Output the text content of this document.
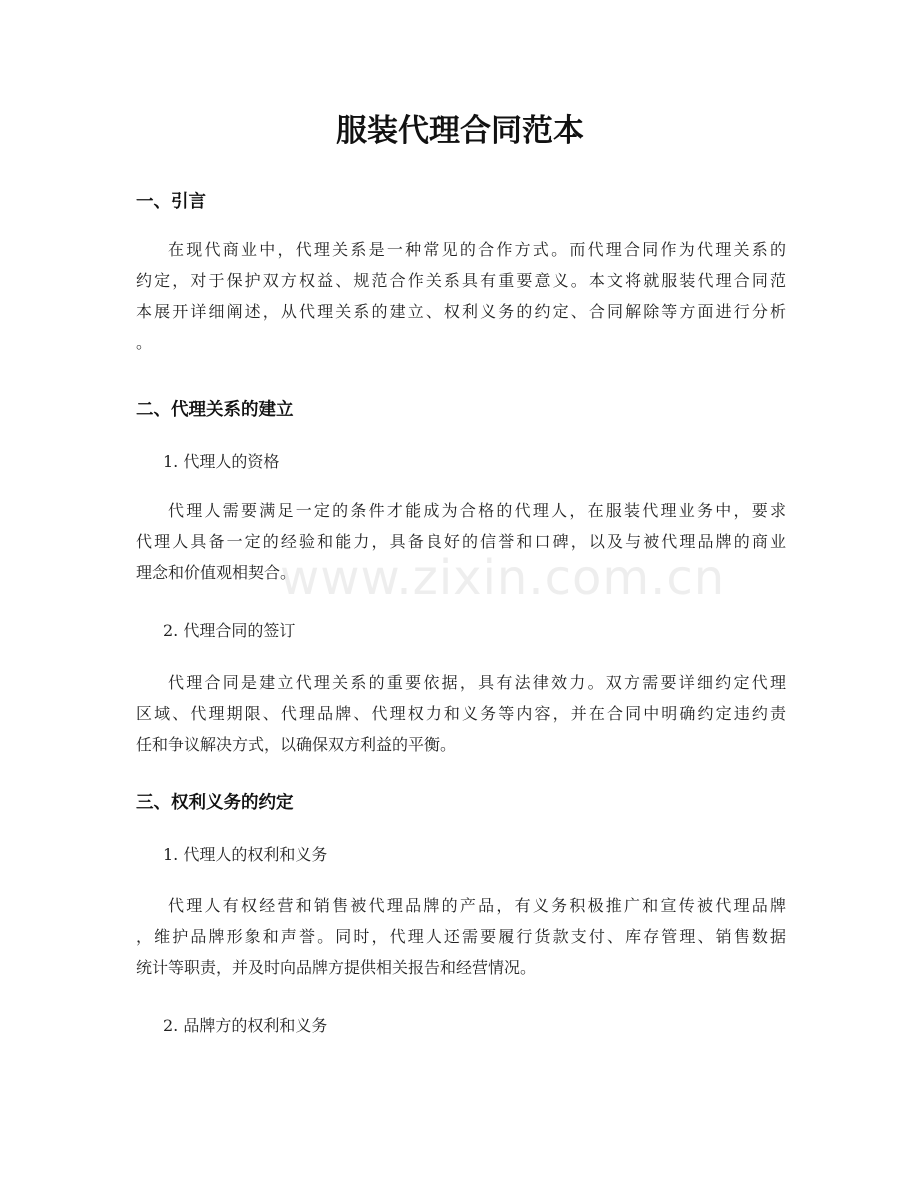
www.zixin.com.cn
服装代理合同范本
一、引言
在现代商业中，代理关系是一种常见的合作方式。而代理合同作为代理关系的
约定，对于保护双方权益、规范合作关系具有重要意义。本文将就服装代理合同范
本展开详细阐述，从代理关系的建立、权利义务的约定、合同解除等方面进行分析
。
二、代理关系的建立
1. 代理人的资格
代理人需要满足一定的条件才能成为合格的代理人，在服装代理业务中，要求
代理人具备一定的经验和能力，具备良好的信誉和口碑，以及与被代理品牌的商业
理念和价值观相契合。
2. 代理合同的签订
代理合同是建立代理关系的重要依据，具有法律效力。双方需要详细约定代理
区域、代理期限、代理品牌、代理权力和义务等内容，并在合同中明确约定违约责
任和争议解决方式，以确保双方利益的平衡。
三、权利义务的约定
1. 代理人的权利和义务
代理人有权经营和销售被代理品牌的产品，有义务积极推广和宣传被代理品牌
，维护品牌形象和声誉。同时，代理人还需要履行货款支付、库存管理、销售数据
统计等职责，并及时向品牌方提供相关报告和经营情况。
2. 品牌方的权利和义务
